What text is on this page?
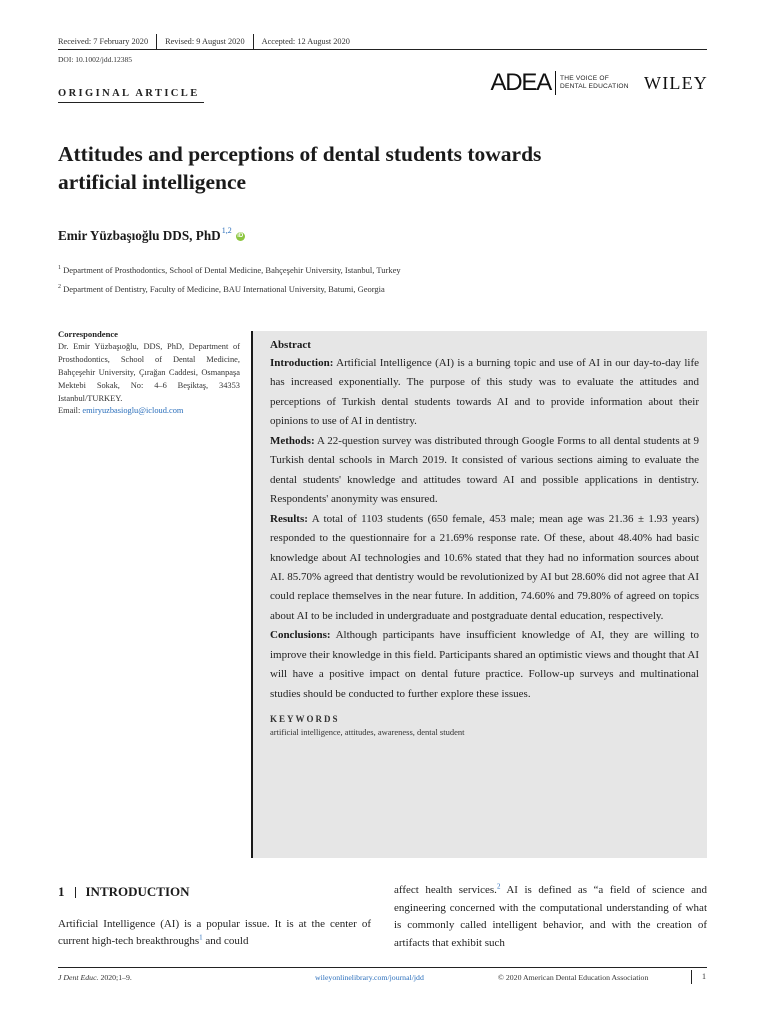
Received: 7 February 2020	Revised: 9 August 2020	Accepted: 12 August 2020
DOI: 10.1002/jdd.12385
ADEA THE VOICE OF
DENTAL EDUCATION WILEY
ORIGINAL ARTICLE
Attitudes and perceptions of dental students towards
artificial intelligence
Emir Yüzbaşıoğlu DDS, PhD$^{1,2}$
iD
$^1$ Department of Prosthodontics, School of Dental Medicine, Bahçeşehir University, Istanbul, Turkey
$^2$ Department of Dentistry, Faculty of Medicine, BAU International University, Batumi, Georgia
Correspondence
Dr. Emir Yüzbaşıoğlu, DDS, PhD, Department of Prosthodontics, School of Dental Medicine, Bahçeşehir University, Çırağan Caddesi, Osmanpaşa Mektebi Sokak, No: 4–6 Beşiktaş, 34353 Istanbul/TURKEY.
Email: emiryuzbasioglu@icloud.com
Abstract

Introduction: Artificial Intelligence (AI) is a burning topic and use of AI in our day-to-day life has increased exponentially. The purpose of this study was to evaluate the attitudes and perceptions of Turkish dental students towards AI and to provide information about their opinions to use of AI in dentistry.

Methods: A 22-question survey was distributed through Google Forms to all dental students at 9 Turkish dental schools in March 2019. It consisted of various sections aiming to evaluate the dental students' knowledge and attitudes toward AI and possible applications in dentistry. Respondents' anonymity was ensured.

Results: A total of 1103 students (650 female, 453 male; mean age was 21.36 ± 1.93 years) responded to the questionnaire for a 21.69% response rate. Of these, about 48.40% had basic knowledge about AI technologies and 10.6% stated that they had no information sources about AI. 85.70% agreed that dentistry would be revolutionized by AI but 28.60% did not agree that AI could replace themselves in the near future. In addition, 74.60% and 79.80% of agreed on topics about AI to be included in undergraduate and postgraduate dental education, respectively.

Conclusions: Although participants have insufficient knowledge of AI, they are willing to improve their knowledge in this field. Participants shared an optimistic views and thought that AI will have a positive impact on dental future practice. Follow-up surveys and multinational studies should be conducted to further explore these issues.

KEYWORDS
artificial intelligence, attitudes, awareness, dental student
1 INTRODUCTION

Artificial Intelligence (AI) is a popular issue. It is at the center of current high-tech breakthroughs$^1$ and could

affect health services.$^2$ AI is defined as “a field of science and engineering concerned with the computational understanding of what is commonly called intelligent behavior, and with the creation of artifacts that exhibit such

J Dent Educ. 2020;1–9.	wileyonlinelibrary.com/journal/jdd	© 2020 American Dental Education Association	1
